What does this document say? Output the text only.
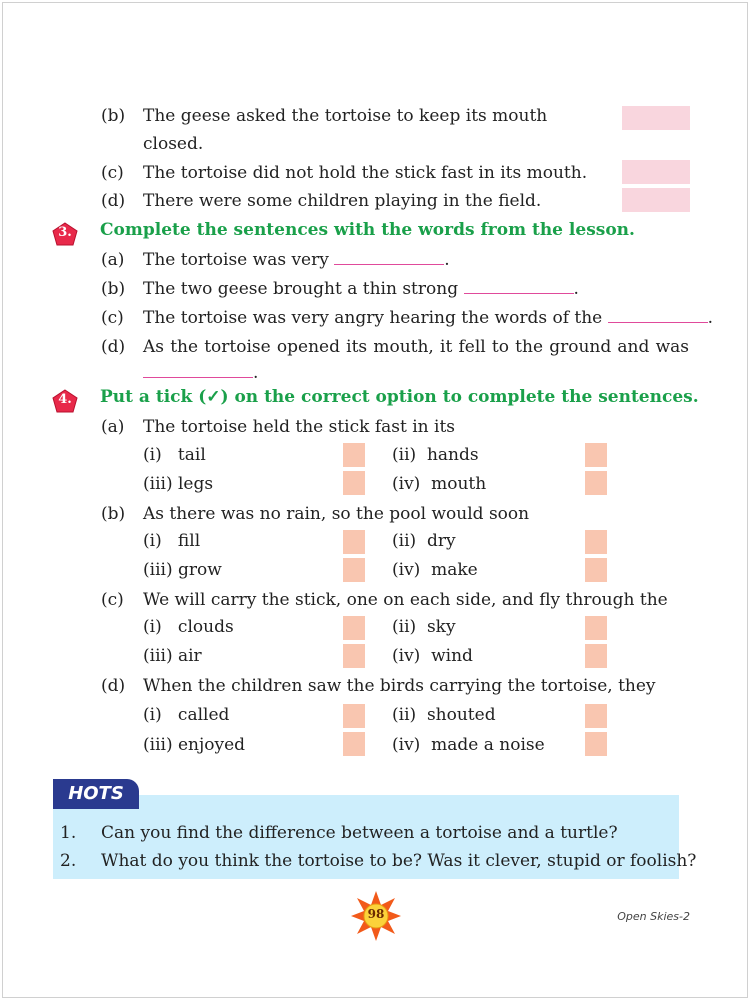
(b) The geese asked the tortoise to keep its mouth
closed.
(c) The tortoise did not hold the stick fast in its mouth.
(d) There were some children playing in the field.
3.	Complete the sentences with the words from the lesson.
(a) The tortoise was very	.
(b) The two geese brought a thin strong	.
(c) The tortoise was very angry hearing the words of the	.
(d) As the tortoise opened its mouth, it fell to the ground and was
.
4.	Put a tick (✓) on the correct option to complete the sentences.
(a) The tortoise held the stick fast in its
(i) tail	(ii) hands
(iii) legs	(iv) mouth
(b) As there was no rain, so the pool would soon
(i) fill	(ii) dry
(iii) grow	(iv) make
(c) We will carry the stick, one on each side, and fly through the
(i) clouds	(ii) sky
(iii) air	(iv) wind
(d) When the children saw the birds carrying the tortoise, they
(i) called	(ii) shouted
(iii) enjoyed	(iv) made a noise
HOTS
1. Can you find the difference between a tortoise and a turtle?
2. What do you think the tortoise to be? Was it clever, stupid or foolish?
98	Open Skies-2
